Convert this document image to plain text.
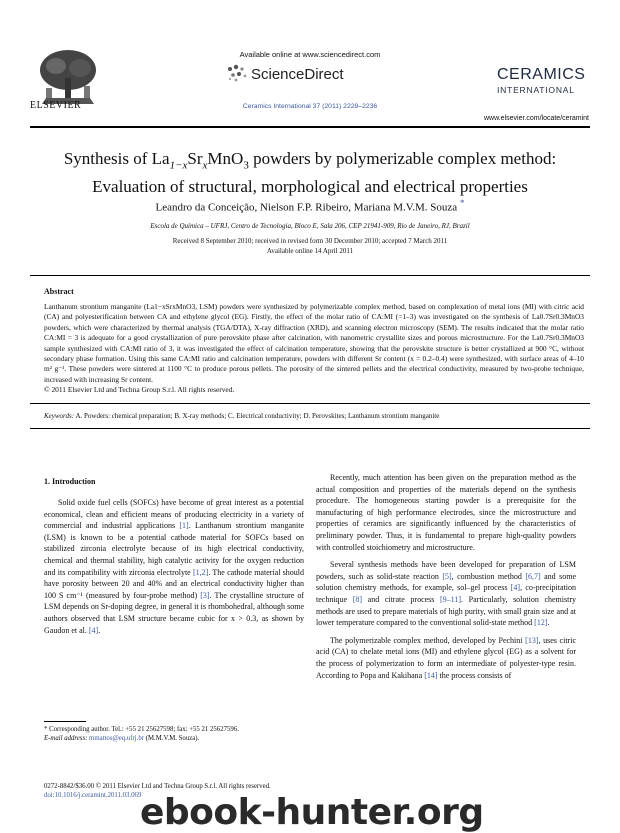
ELSEVIER
Available online at www.sciencedirect.com
ScienceDirect
Ceramics International 37 (2011) 2229–2236
CERAMICS
INTERNATIONAL
www.elsevier.com/locate/ceramint
Synthesis of $La_{1-x}Sr_xMnO_3$ powders by polymerizable complex method:
Evaluation of structural, morphological and electrical properties
Leandro da Conceição, Nielson F.P. Ribeiro, Mariana M.V.M. Souza *
Escola de Química – UFRJ, Centro de Tecnologia, Bloco E, Sala 206, CEP 21941-909, Rio de Janeiro, RJ, Brazil
Received 8 September 2010; received in revised form 30 December 2010; accepted 7 March 2011
Available online 14 April 2011
Abstract
Lanthanum strontium manganite (La1−xSrxMnO3, LSM) powders were synthesized by polymerizable complex method, based on complexation of metal ions (MI) with citric acid (CA) and polyesterification between CA and ethylene glycol (EG). Firstly, the effect of the molar ratio of CA:MI (=1–3) was investigated on the synthesis of La0.7Sr0.3MnO3 powders, which were characterized by thermal analysis (TGA/DTA), X-ray diffraction (XRD), and scanning electron microscopy (SEM). The results indicated that the molar ratio CA:MI = 3 is adequate for a good crystallization of pure perovskite phase after calcination, with nanometric crystallite sizes and porous microstructure. For the La0.7Sr0.3MnO3 sample synthesized with CA:MI ratio of 3, it was investigated the effect of calcination temperature, showing that the perovskite structure is better crystallized at 900 °C, without secondary phase formation. Using this same CA:MI ratio and calcination temperature, powders with different Sr content (x = 0.2–0.4) were synthesized, with surface areas of 4–10 m² g⁻¹. These powders were sintered at 1100 °C to produce porous pellets. The porosity of the sintered pellets and the electrical conductivity, measured by two-probe technique, increased with increasing Sr content.
© 2011 Elsevier Ltd and Techna Group S.r.l. All rights reserved.
Keywords: A. Powders: chemical preparation; B. X-ray methods; C. Electrical conductivity; D. Perovskites; Lanthanum strontium manganite
1. Introduction

Solid oxide fuel cells (SOFCs) have become of great interest as a potential economical, clean and efficient means of producing electricity in a variety of commercial and industrial applications [1]. Lanthanum strontium manganite (LSM) is known to be a potential cathode material for SOFCs based on stabilized zirconia electrolyte because of its high electrical conductivity, chemical and thermal stability, high catalytic activity for the oxygen reduction and its compatibility with zirconia electrolyte [1,2]. The cathode material should have porosity between 20 and 40% and an electrical conductivity higher than 100 S cm⁻¹ (measured by four-probe method) [3]. The crystalline structure of LSM depends on Sr-doping degree, in general it is rhombohedral, although some authors observed that LSM structure became cubic for x > 0.3, as shown by Gaudon et al. [4].

Recently, much attention has been given on the preparation method as the actual composition and properties of the materials depend on the synthesis procedure. The homogeneous starting powder is a prerequisite for the manufacturing of high performance electrodes, since the microstructure and properties of ceramics are significantly influenced by the characteristics of preliminary powder. Thus, it is fundamental to prepare high-quality powders with controlled stoichiometry and microstructure.

Several synthesis methods have been developed for preparation of LSM powders, such as solid-state reaction [5], combustion method [6,7] and some solution chemistry methods, for example, sol–gel process [4], co-precipitation technique [8] and citrate process [9–11]. Particularly, solution chemistry methods are used to prepare materials of high purity, with small grain size and at lower temperature compared to the conventional solid-state method [12].

The polymerizable complex method, developed by Pechini [13], uses citric acid (CA) to chelate metal ions (MI) and ethylene glycol (EG) as a solvent for the process of polymerization to form an intermediate of polyester-type resin. According to Popa and Kakihana [14] the process consists of

* Corresponding author. Tel.: +55 21 25627598; fax: +55 21 25627596.
E-mail address: mmattos@eq.ufrj.br (M.M.V.M. Souza).
0272-8842/$36.00 © 2011 Elsevier Ltd and Techna Group S.r.l. All rights reserved.
doi:10.1016/j.ceramint.2011.03.069
ebook-hunter.org
